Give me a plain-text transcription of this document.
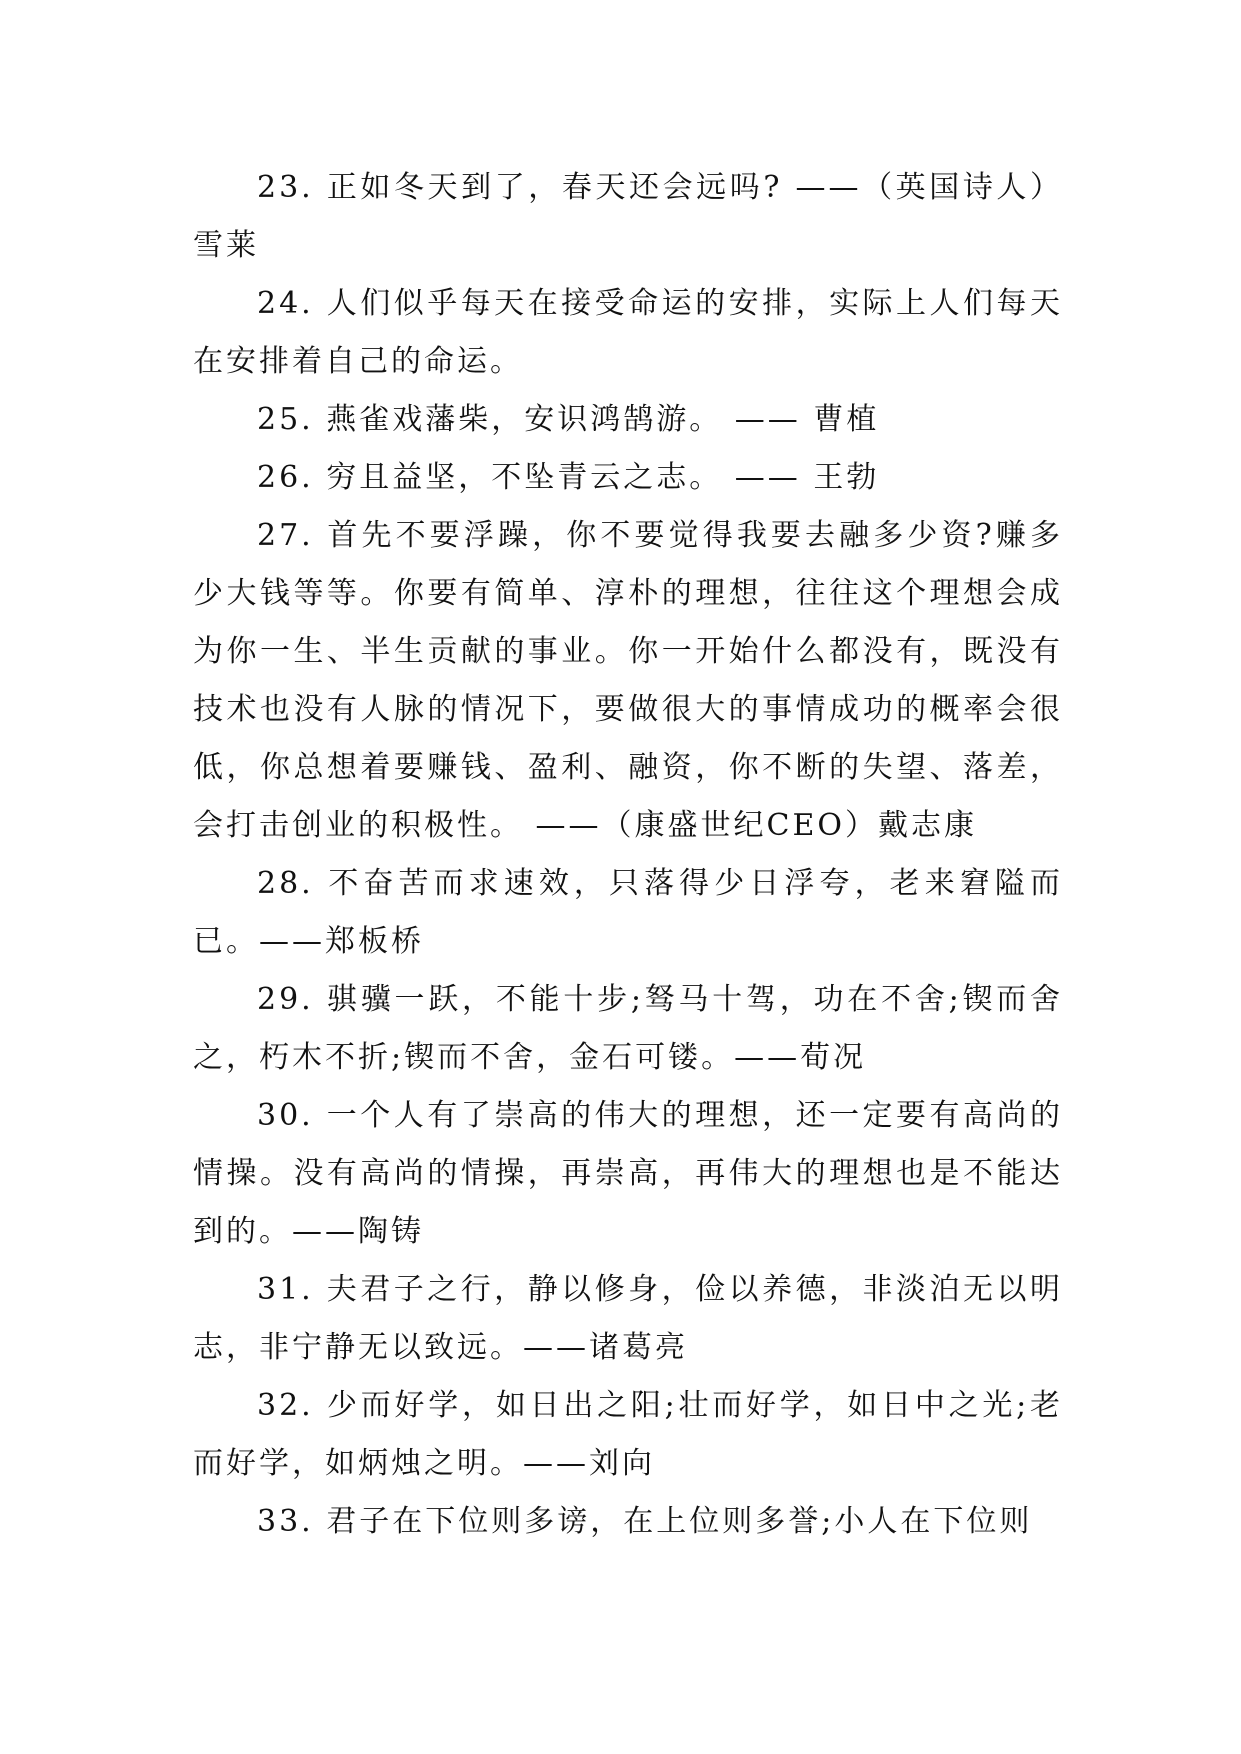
23. 正如冬天到了，春天还会远吗? ——（英国诗人）雪莱

24. 人们似乎每天在接受命运的安排，实际上人们每天在安排着自己的命运。

25. 燕雀戏藩柴，安识鸿鹄游。 —— 曹植

26. 穷且益坚，不坠青云之志。 —— 王勃

27. 首先不要浮躁，你不要觉得我要去融多少资?赚多少大钱等等。你要有简单、淳朴的理想，往往这个理想会成为你一生、半生贡献的事业。你一开始什么都没有，既没有技术也没有人脉的情况下，要做很大的事情成功的概率会很低，你总想着要赚钱、盈利、融资，你不断的失望、落差，会打击创业的积极性。 ——（康盛世纪CEO）戴志康

28. 不奋苦而求速效，只落得少日浮夸，老来窘隘而已。——郑板桥

29. 骐骥一跃，不能十步;驽马十驾，功在不舍;锲而舍之，朽木不折;锲而不舍，金石可镂。——荀况

30. 一个人有了崇高的伟大的理想，还一定要有高尚的情操。没有高尚的情操，再崇高，再伟大的理想也是不能达到的。——陶铸

31. 夫君子之行，静以修身，俭以养德，非淡泊无以明志，非宁静无以致远。——诸葛亮

32. 少而好学，如日出之阳;壮而好学，如日中之光;老而好学，如炳烛之明。——刘向

33. 君子在下位则多谤，在上位则多誉;小人在下位则
